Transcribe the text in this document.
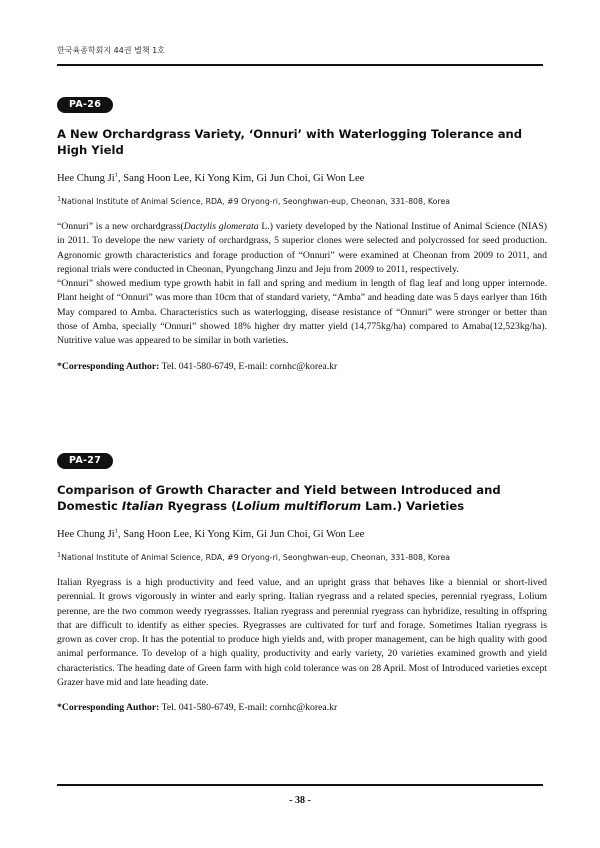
한국육종학회지 44권 별책 1호
PA-26
A New Orchardgrass Variety, ‘Onnuri’ with Waterlogging Tolerance and High Yield
Hee Chung Ji$^1$, Sang Hoon Lee, Ki Yong Kim, Gi Jun Choi, Gi Won Lee
$^1$National Institute of Animal Science, RDA, #9 Oryong-ri, Seonghwan-eup, Cheonan, 331-808, Korea

“Onnuri” is a new orchardgrass(Dactylis glomerata L.) variety developed by the National Institue of Animal Science (NIAS) in 2011. To develope the new variety of orchardgrass, 5 superior clones were selected and polycrossed for seed production. Agronomic growth characteristics and forage production of “Onnuri” were examined at Cheonan from 2009 to 2011, and regional trials were conducted in Cheonan, Pyungchang Jinzu and Jeju from 2009 to 2011, respectively.

“Onnuri” showed medium type growth habit in fall and spring and medium in length of flag leaf and long upper internode. Plant height of “Onnuri” was more than 10cm that of standard variety, “Amba” and heading date was 5 days earlyer than 16th May compared to Amba. Characteristics such as waterlogging, disease resistance of “Onnuri” were stronger or better than those of Amba, specially “Onnuri” showed 18% higher dry matter yield (14,775kg/ha) compared to Amaba(12,523kg/ha). Nutritive value was appeared to be similar in both varieties.

*Corresponding Author: Tel. 041-580-6749, E-mail: cornhc@korea.kr
PA-27
Comparison of Growth Character and Yield between Introduced and Domestic Italian Ryegrass (Lolium multiflorum Lam.) Varieties
Hee Chung Ji$^1$, Sang Hoon Lee, Ki Yong Kim, Gi Jun Choi, Gi Won Lee
$^1$National Institute of Animal Science, RDA, #9 Oryong-ri, Seonghwan-eup, Cheonan, 331-808, Korea

Italian Ryegrass is a high productivity and feed value, and an upright grass that behaves like a biennial or short-lived perennial. It grows vigorously in winter and early spring. Italian ryegrass and a related species, perennial ryegrass, Lolium perenne, are the two common weedy ryegrassses. Italian ryegrass and perennial ryegrass can hybridize, resulting in offspring that are difficult to identify as either species. Ryegrasses are cultivated for turf and forage. Sometimes Italian ryegrass is grown as cover crop. It has the potential to produce high yields and, with proper management, can be high quality with good animal performance. To develop of a high quality, productivity and early variety, 20 varieties examined growth and yield characteristics. The heading date of Green farm with high cold tolerance was on 28 April. Most of Introduced varieties except Grazer have mid and late heading date.

*Corresponding Author: Tel. 041-580-6749, E-mail: cornhc@korea.kr
- 38 -
